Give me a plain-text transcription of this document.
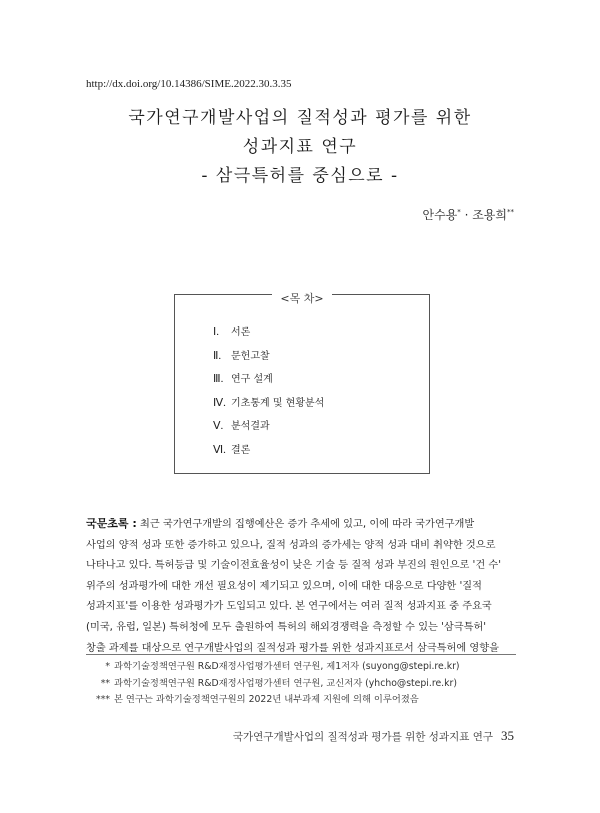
http://dx.doi.org/10.14386/SIME.2022.30.3.35
국가연구개발사업의 질적성과 평가를 위한
성과지표 연구
- 삼극특허를 중심으로 -
안수용* · 조용희**
<목 차>
Ⅰ. 서론
Ⅱ. 문헌고찰
Ⅲ. 연구 설계
Ⅳ. 기초통계 및 현황분석
Ⅴ. 분석결과
Ⅵ. 결론
국문초록 : 최근 국가연구개발의 집행예산은 증가 추세에 있고, 이에 따라 국가연구개발
사업의 양적 성과 또한 증가하고 있으나, 질적 성과의 증가세는 양적 성과 대비 취약한 것으로
나타나고 있다. 특허등급 및 기술이전효율성이 낮은 기술 등 질적 성과 부진의 원인으로 '건 수'
위주의 성과평가에 대한 개선 필요성이 제기되고 있으며, 이에 대한 대응으로 다양한 '질적
성과지표'를 이용한 성과평가가 도입되고 있다. 본 연구에서는 여러 질적 성과지표 중 주요국
(미국, 유럽, 일본) 특허청에 모두 출원하여 특허의 해외경쟁력을 측정할 수 있는 '삼극특허'
창출 과제를 대상으로 연구개발사업의 질적성과 평가를 위한 성과지표로서 삼극특허에 영향을
* 과학기술정책연구원 R&D재정사업평가센터 연구원, 제1저자 (suyong@stepi.re.kr)
** 과학기술정책연구원 R&D재정사업평가센터 연구원, 교신저자 (yhcho@stepi.re.kr)
*** 본 연구는 과학기술정책연구원의 2022년 내부과제 지원에 의해 이루어졌음
국가연구개발사업의 질적성과 평가를 위한 성과지표 연구 35
